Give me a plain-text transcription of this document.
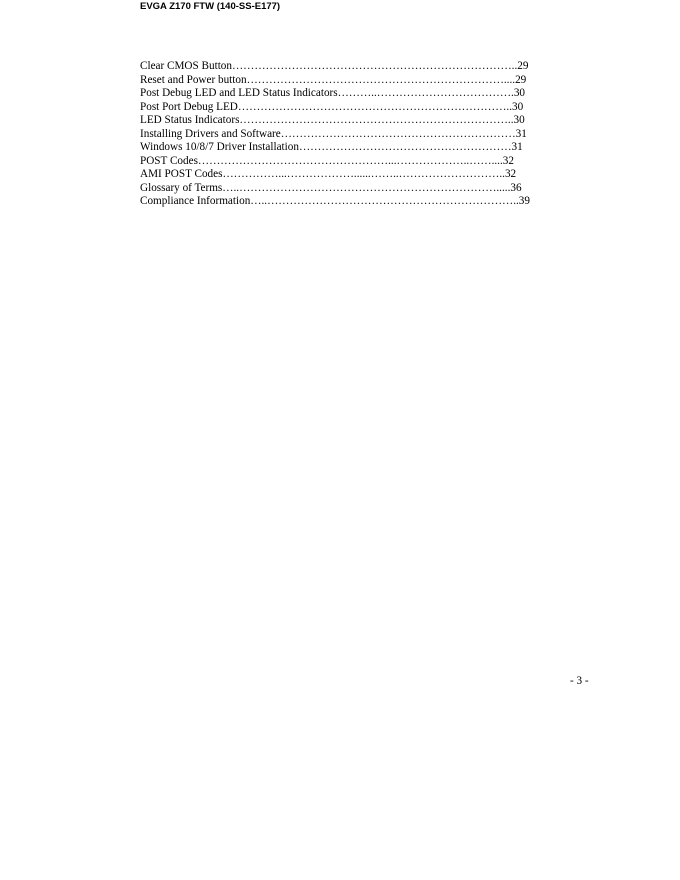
EVGA Z170 FTW (140-SS-E177)
Clear CMOS Button…………………………………………………………………..29
Reset and Power button……………………………………………………………....29
Post Debug LED and LED Status Indicators………..……………………………….30
Post Port Debug LED………………………………………………………………..30
LED Status Indicators………………………………………………………………..30
Installing Drivers and Software………………………………………………………31
Windows 10/8/7 Driver Installation…………………………………………………31
POST Codes……………………………………………...………………..……....32
AMI POST Codes……………...………………......……..………………………..32
Glossary of Terms…..…………………………………………………………….....36
Compliance Information…..…………………………………………………………..39
- 3 -
